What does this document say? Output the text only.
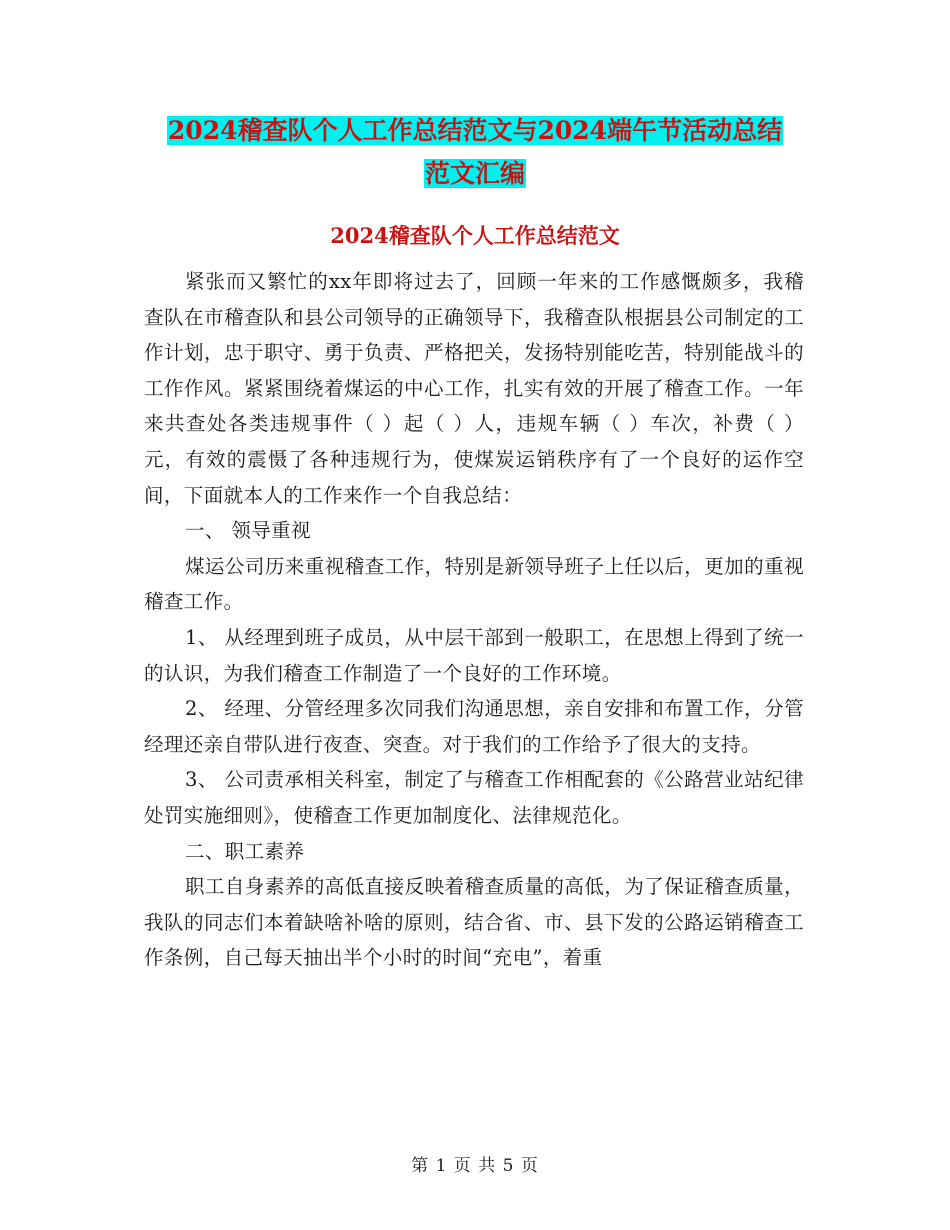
2024稽查队个人工作总结范文与2024端午节活动总结
范文汇编
2024稽查队个人工作总结范文

紧张而又繁忙的xx年即将过去了，回顾一年来的工作感慨颇多，我稽查队在市稽查队和县公司领导的正确领导下，我稽查队根据县公司制定的工作计划，忠于职守、勇于负责、严格把关，发扬特别能吃苦，特别能战斗的工作作风。紧紧围绕着煤运的中心工作，扎实有效的开展了稽查工作。一年来共查处各类违规事件（ ）起（ ）人，违规车辆（ ）车次，补费（ ）元，有效的震慑了各种违规行为，使煤炭运销秩序有了一个良好的运作空间，下面就本人的工作来作一个自我总结：

一、 领导重视

煤运公司历来重视稽查工作，特别是新领导班子上任以后，更加的重视稽查工作。

1、 从经理到班子成员，从中层干部到一般职工，在思想上得到了统一的认识，为我们稽查工作制造了一个良好的工作环境。

2、 经理、分管经理多次同我们沟通思想，亲自安排和布置工作，分管经理还亲自带队进行夜查、突查。对于我们的工作给予了很大的支持。

3、 公司责承相关科室，制定了与稽查工作相配套的《公路营业站纪律处罚实施细则》，使稽查工作更加制度化、法律规范化。

二、职工素养

职工自身素养的高低直接反映着稽查质量的高低，为了保证稽查质量，我队的同志们本着缺啥补啥的原则，结合省、市、县下发的公路运销稽查工作条例，自己每天抽出半个小时的时间“充电”，着重

第 1 页 共 5 页
